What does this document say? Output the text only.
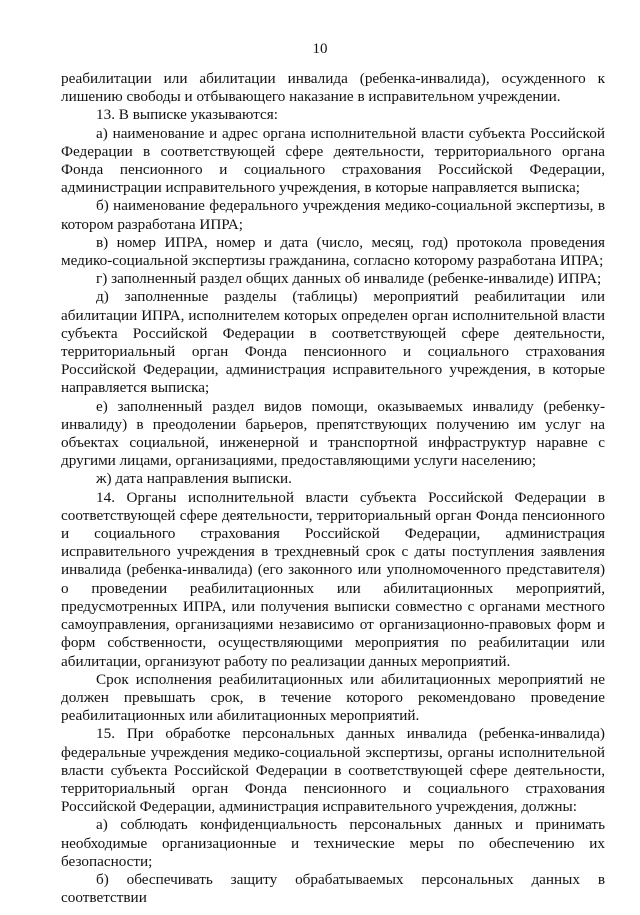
10

реабилитации или абилитации инвалида (ребенка-инвалида), осужденного к лишению свободы и отбывающего наказание в исправительном учреждении.

13. В выписке указываются:

а) наименование и адрес органа исполнительной власти субъекта Российской Федерации в соответствующей сфере деятельности, территориального органа Фонда пенсионного и социального страхования Российской Федерации, администрации исправительного учреждения, в которые направляется выписка;

б) наименование федерального учреждения медико-социальной экспертизы, в котором разработана ИПРА;

в) номер ИПРА, номер и дата (число, месяц, год) протокола проведения медико-социальной экспертизы гражданина, согласно которому разработана ИПРА;

г) заполненный раздел общих данных об инвалиде (ребенке-инвалиде) ИПРА;

д) заполненные разделы (таблицы) мероприятий реабилитации или абилитации ИПРА, исполнителем которых определен орган исполнительной власти субъекта Российской Федерации в соответствующей сфере деятельности, территориальный орган Фонда пенсионного и социального страхования Российской Федерации, администрация исправительного учреждения, в которые направляется выписка;

е) заполненный раздел видов помощи, оказываемых инвалиду (ребенку-инвалиду) в преодолении барьеров, препятствующих получению им услуг на объектах социальной, инженерной и транспортной инфраструктур наравне с другими лицами, организациями, предоставляющими услуги населению;

ж) дата направления выписки.

14. Органы исполнительной власти субъекта Российской Федерации в соответствующей сфере деятельности, территориальный орган Фонда пенсионного и социального страхования Российской Федерации, администрация исправительного учреждения в трехдневный срок с даты поступления заявления инвалида (ребенка-инвалида) (его законного или уполномоченного представителя) о проведении реабилитационных или абилитационных мероприятий, предусмотренных ИПРА, или получения выписки совместно с органами местного самоуправления, организациями независимо от организационно-правовых форм и форм собственности, осуществляющими мероприятия по реабилитации или абилитации, организуют работу по реализации данных мероприятий.

Срок исполнения реабилитационных или абилитационных мероприятий не должен превышать срок, в течение которого рекомендовано проведение реабилитационных или абилитационных мероприятий.

15. При обработке персональных данных инвалида (ребенка-инвалида) федеральные учреждения медико-социальной экспертизы, органы исполнительной власти субъекта Российской Федерации в соответствующей сфере деятельности, территориальный орган Фонда пенсионного и социального страхования Российской Федерации, администрация исправительного учреждения, должны:

а) соблюдать конфиденциальность персональных данных и принимать необходимые организационные и технические меры по обеспечению их безопасности;

б) обеспечивать защиту обрабатываемых персональных данных в соответствии
